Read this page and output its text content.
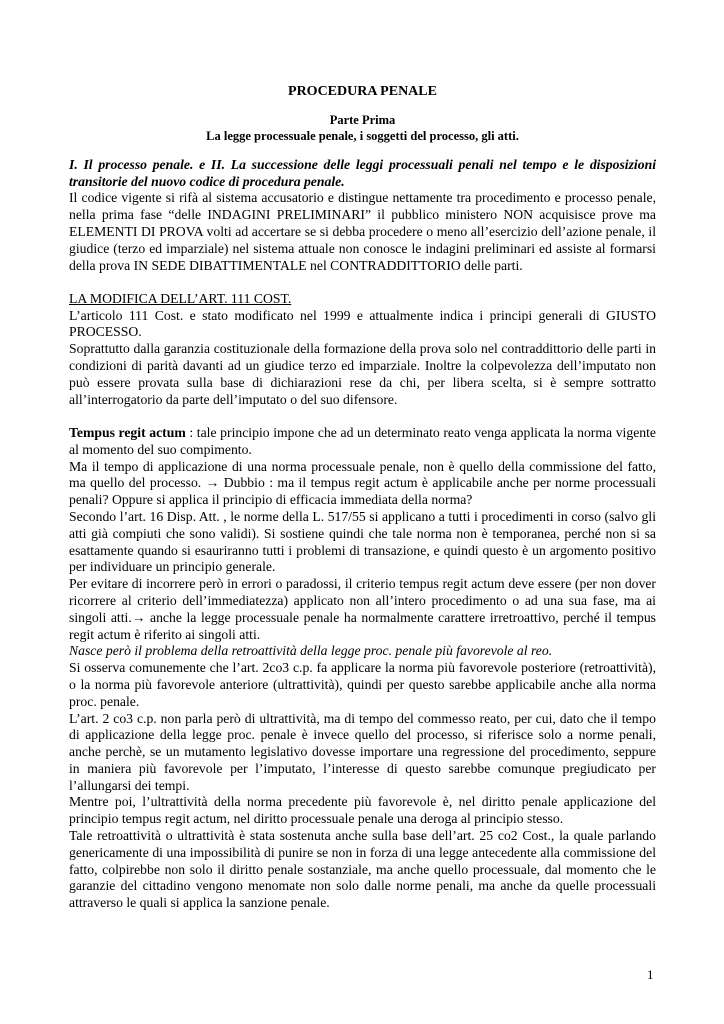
PROCEDURA PENALE
Parte Prima
La legge processuale penale, i soggetti del processo, gli atti.

I. Il processo penale. e II. La successione delle leggi processuali penali nel tempo e le disposizioni transitorie del nuovo codice di procedura penale.

Il codice vigente si rifà al sistema accusatorio e distingue nettamente tra procedimento e processo penale, nella prima fase “delle INDAGINI PRELIMINARI” il pubblico ministero NON acquisisce prove ma ELEMENTI DI PROVA volti ad accertare se si debba procedere o meno all’esercizio dell’azione penale, il giudice (terzo ed imparziale) nel sistema attuale non conosce le indagini preliminari ed assiste al formarsi della prova IN SEDE DIBATTIMENTALE nel CONTRADDITTORIO delle parti.

LA MODIFICA DELL’ART. 111 COST.

L’articolo 111 Cost. e stato modificato nel 1999 e attualmente indica i principi generali di GIUSTO PROCESSO.

Soprattutto dalla garanzia costituzionale della formazione della prova solo nel contraddittorio delle parti in condizioni di parità davanti ad un giudice terzo ed imparziale. Inoltre la colpevolezza dell’imputato non può essere provata sulla base di dichiarazioni rese da chi, per libera scelta, si è sempre sottratto all’interrogatorio da parte dell’imputato o del suo difensore.

Tempus regit actum : tale principio impone che ad un determinato reato venga applicata la norma vigente al momento del suo compimento.

Ma il tempo di applicazione di una norma processuale penale, non è quello della commissione del fatto, ma quello del processo. → Dubbio : ma il tempus regit actum è applicabile anche per norme processuali penali? Oppure si applica il principio di efficacia immediata della norma?

Secondo l’art. 16 Disp. Att. , le norme della L. 517/55 si applicano a tutti i procedimenti in corso (salvo gli atti già compiuti che sono validi). Si sostiene quindi che tale norma non è temporanea, perché non si sa esattamente quando si esauriranno tutti i problemi di transazione, e quindi questo è un argomento positivo per individuare un principio generale.

Per evitare di incorrere però in errori o paradossi, il criterio tempus regit actum deve essere (per non dover ricorrere al criterio dell’immediatezza) applicato non all’intero procedimento o ad una sua fase, ma ai singoli atti.→ anche la legge processuale penale ha normalmente carattere irretroattivo, perché il tempus regit actum è riferito ai singoli atti.

Nasce però il problema della retroattività della legge proc. penale più favorevole al reo.

Si osserva comunemente che l’art. 2co3 c.p. fa applicare la norma più favorevole posteriore (retroattività), o la norma più favorevole anteriore (ultrattività), quindi per questo sarebbe applicabile anche alla norma proc. penale.

L’art. 2 co3 c.p. non parla però di ultrattività, ma di tempo del commesso reato, per cui, dato che il tempo di applicazione della legge proc. penale è invece quello del processo, si riferisce solo a norme penali, anche perchè, se un mutamento legislativo dovesse importare una regressione del procedimento, seppure in maniera più favorevole per l’imputato, l’interesse di questo sarebbe comunque pregiudicato per l’allungarsi dei tempi.

Mentre poi, l’ultrattività della norma precedente più favorevole è, nel diritto penale applicazione del principio tempus regit actum, nel diritto processuale penale una deroga al principio stesso.

Tale retroattività o ultrattività è stata sostenuta anche sulla base dell’art. 25 co2 Cost., la quale parlando genericamente di una impossibilità di punire se non in forza di una legge antecedente alla commissione del fatto, colpirebbe non solo il diritto penale sostanziale, ma anche quello processuale, dal momento che le garanzie del cittadino vengono menomate non solo dalle norme penali, ma anche da quelle processuali attraverso le quali si applica la sanzione penale.

1
